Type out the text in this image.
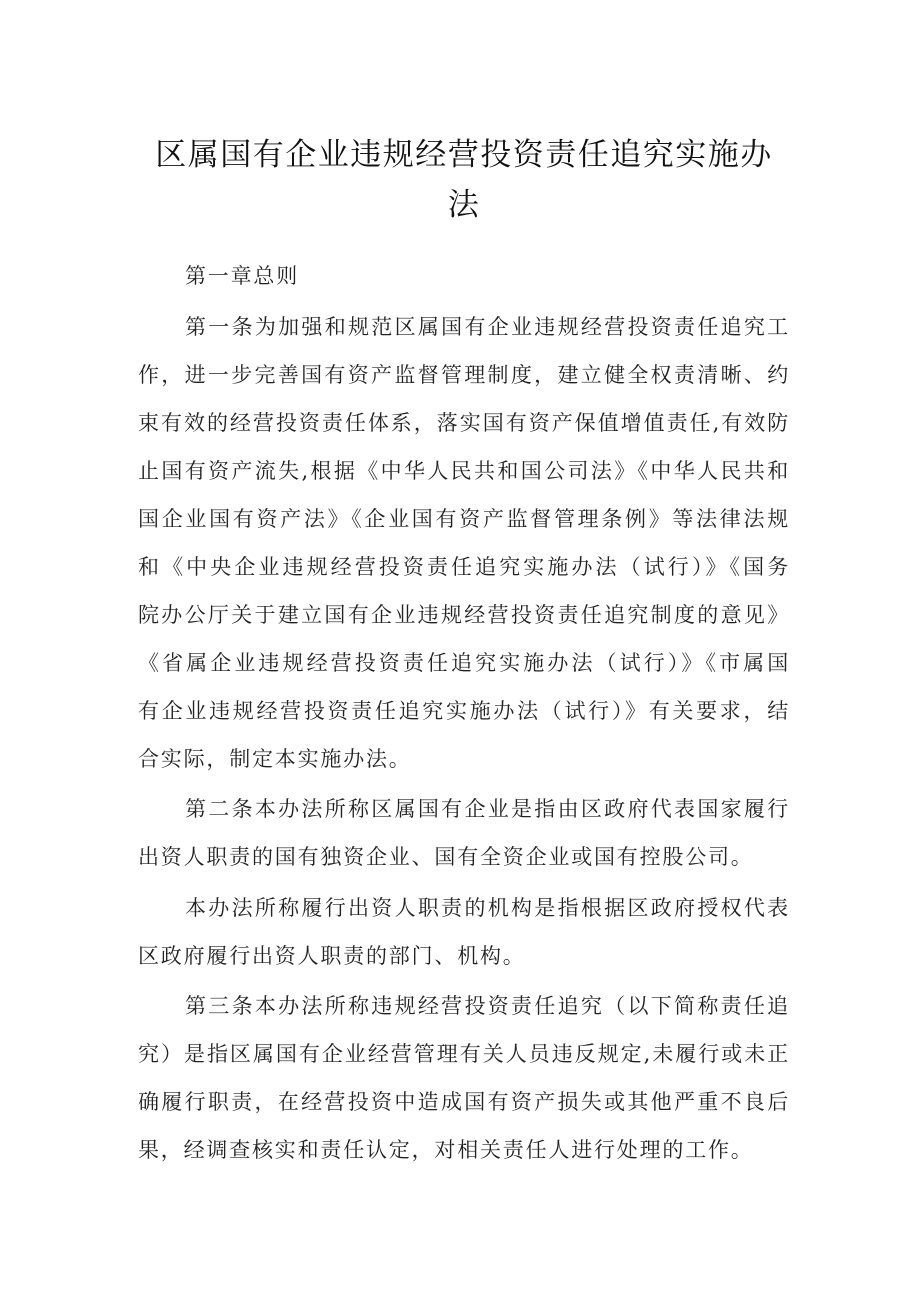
区属国有企业违规经营投资责任追究实施办
法
第一章总则
第一条为加强和规范区属国有企业违规经营投资责任追究工
作，进一步完善国有资产监督管理制度，建立健全权责清晰、约
束有效的经营投资责任体系，落实国有资产保值增值责任,有效防
止国有资产流失,根据《中华人民共和国公司法》《中华人民共和
国企业国有资产法》《企业国有资产监督管理条例》等法律法规
和《中央企业违规经营投资责任追究实施办法（试行）》《国务
院办公厅关于建立国有企业违规经营投资责任追究制度的意见》
《省属企业违规经营投资责任追究实施办法（试行）》《市属国
有企业违规经营投资责任追究实施办法（试行）》有关要求，结
合实际，制定本实施办法。
第二条本办法所称区属国有企业是指由区政府代表国家履行
出资人职责的国有独资企业、国有全资企业或国有控股公司。
本办法所称履行出资人职责的机构是指根据区政府授权代表
区政府履行出资人职责的部门、机构。
第三条本办法所称违规经营投资责任追究（以下简称责任追
究）是指区属国有企业经营管理有关人员违反规定,未履行或未正
确履行职责，在经营投资中造成国有资产损失或其他严重不良后
果，经调查核实和责任认定，对相关责任人进行处理的工作。
